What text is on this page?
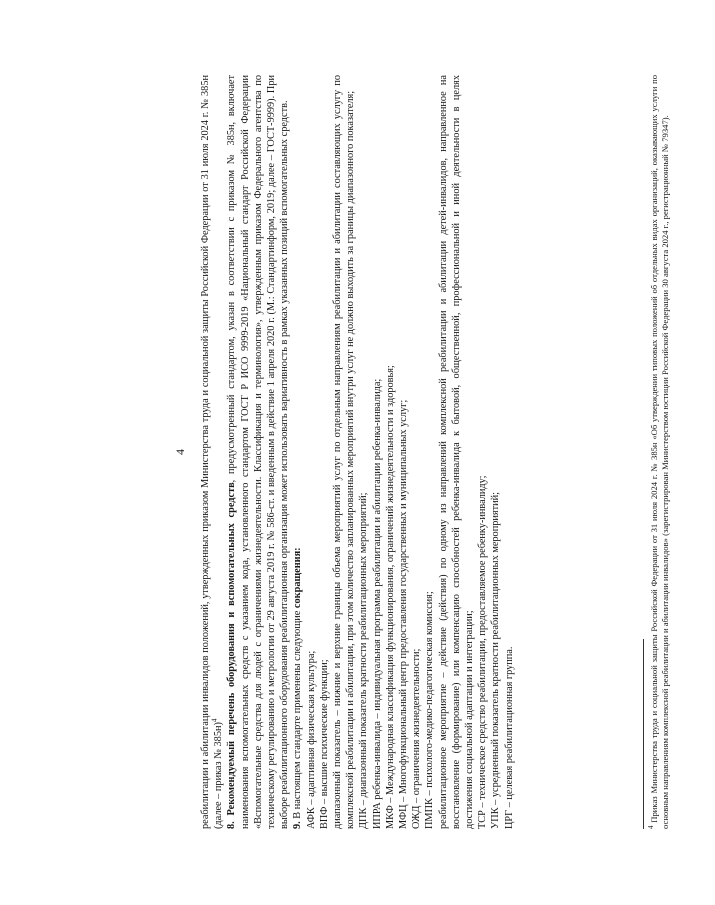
4 реабилитации и абилитации инвалидов положений, утвержденных приказом Министерства труда и социальной защиты Российской Федерации от 31 июля 2024 г. № 385н (далее – приказ № 385н)$^4$ 8. Рекомендуемый перечень оборудования и вспомогательных средств, предусмотренный стандартом, указан в соответствии с приказом № 385н, включает наименования вспомогательных средств с указанием кода, установленного стандартом ГОСТ Р ИСО 9999-2019 «Национальный стандарт Российской Федерации «Вспомогательные средства для людей с ограничениями жизнедеятельности. Классификация и терминология», утвержденным приказом Федерального агентства по техническому регулированию и метрологии от 29 августа 2019 г. № 586-ст. и введенным в действие 1 апреля 2020 г. (М.: Стандартинформ, 2019; далее – ГОСТ-9999). При выборе реабилитационного оборудования реабилитационная организация может использовать вариативность в рамках указанных позиций вспомогательных средств. 9. В настоящем стандарте применены следующие сокращения:

АФК – адаптивная физическая культура; ВПФ – высшие психические функции; диапазонный показатель – нижние и верхние границы объема мероприятий услуг по отдельным направлениям реабилитации и абилитации составляющих услугу по комплексной реабилитации и абилитации, при этом количество запланированных мероприятий внутри услуг не должно выходить за границы диапазонного показателя; ДПК – диапазонный показатель кратности реабилитационных мероприятий; ИПРА ребенка-инвалида – индивидуальная программа реабилитации и абилитации ребенка-инвалида; МКФ – Международная классификация функционирования, ограничений жизнедеятельности и здоровья; МФЦ – Многофункциональный центр предоставления государственных и муниципальных услуг; ОЖД – ограничения жизнедеятельности; ПМПК – психолого-медико-педагогическая комиссия; реабилитационное мероприятие – действие (действия) по одному из направлений комплексной реабилитации и абилитации детей-инвалидов, направленное на восстановление (формирование) или компенсацию способностей ребенка-инвалида к бытовой, общественной, профессиональной и иной деятельности в целях достижения социальной адаптации и интеграции; ТСР – техническое средство реабилитации, предоставляемое ребенку-инвалиду; УПК – усредненный показатель кратности реабилитационных мероприятий; ЦРГ – целевая реабилитационная группа.	$^4$ Приказ Министерства труда и социальной защиты Российской Федерации от 31 июля 2024 г. № 385н «Об утверждении типовых положений об отдельных видах организаций, оказывающих услуги по основным направлениям комплексной реабилитации и абилитации инвалидов» (зарегистрирован Министерством юстиции Российской Федерации 30 августа 2024 г., регистрационный № 79347).
